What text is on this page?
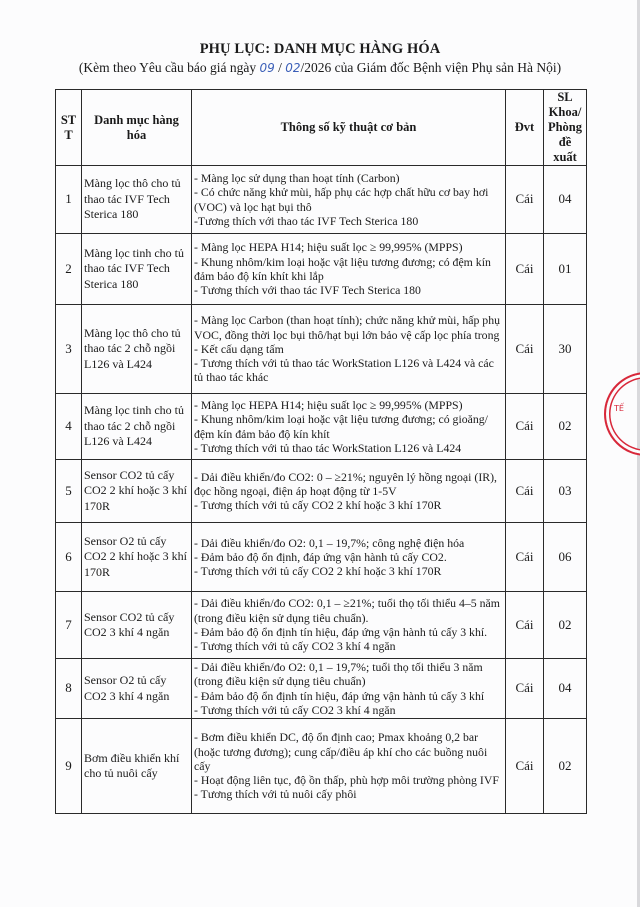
PHỤ LỤC: DANH MỤC HÀNG HÓA
(Kèm theo Yêu cầu báo giá ngày 09 / 02/2026 của Giám đốc Bệnh viện Phụ sản Hà Nội)
ST T	Danh mục hàng hóa	Thông số kỹ thuật cơ bản	Đvt	SL Khoa/ Phòng đề xuất
1	Màng lọc thô cho tủ thao tác IVF Tech Sterica 180	- Màng lọc sử dụng than hoạt tính (Carbon)
- Có chức năng khử mùi, hấp phụ các hợp chất hữu cơ bay hơi (VOC) và lọc hạt bụi thô
-Tương thích với thao tác IVF Tech Sterica 180	Cái	04
2	Màng lọc tinh cho tủ thao tác IVF Tech Sterica 180	- Màng lọc HEPA H14; hiệu suất lọc ≥ 99,995% (MPPS)
- Khung nhôm/kim loại hoặc vật liệu tương đương; có đệm kín đảm bảo độ kín khít khi lắp
- Tương thích với thao tác IVF Tech Sterica 180	Cái	01
3	Màng lọc thô cho tủ thao tác 2 chỗ ngồi L126 và L424	- Màng lọc Carbon (than hoạt tính); chức năng khử mùi, hấp phụ VOC, đồng thời lọc bụi thô/hạt bụi lớn bảo vệ cấp lọc phía trong
- Kết cấu dạng tấm
- Tương thích với tủ thao tác WorkStation L126 và L424 và các tủ thao tác khác	Cái	30
4	Màng lọc tinh cho tủ thao tác 2 chỗ ngồi L126 và L424	- Màng lọc HEPA H14; hiệu suất lọc ≥ 99,995% (MPPS)
- Khung nhôm/kim loại hoặc vật liệu tương đương; có gioăng/đệm kín đảm bảo độ kín khít
- Tương thích với tủ thao tác WorkStation L126 và L424	Cái	02
5	Sensor CO2 tủ cấy CO2 2 khí hoặc 3 khí 170R	- Dải điều khiển/đo CO2: 0 – ≥21%; nguyên lý hồng ngoại (IR), đọc hồng ngoại, điện áp hoạt động từ 1-5V
- Tương thích với tủ cấy CO2 2 khí hoặc 3 khí 170R	Cái	03
6	Sensor O2 tủ cấy CO2 2 khí hoặc 3 khí 170R	- Dải điều khiển/đo O2: 0,1 – 19,7%; công nghệ điện hóa
- Đảm bảo độ ổn định, đáp ứng vận hành tủ cấy CO2.
- Tương thích với tủ cấy CO2 2 khí hoặc 3 khí 170R	Cái	06
7	Sensor CO2 tủ cấy CO2 3 khí 4 ngăn	- Dải điều khiển/đo CO2: 0,1 – ≥21%; tuổi thọ tối thiểu 4–5 năm (trong điều kiện sử dụng tiêu chuẩn).
- Đảm bảo độ ổn định tín hiệu, đáp ứng vận hành tủ cấy 3 khí.
- Tương thích với tủ cấy CO2 3 khí 4 ngăn	Cái	02
8	Sensor O2 tủ cấy CO2 3 khí 4 ngăn	- Dải điều khiển/đo O2: 0,1 – 19,7%; tuổi thọ tối thiểu 3 năm (trong điều kiện sử dụng tiêu chuẩn)
- Đảm bảo độ ổn định tín hiệu, đáp ứng vận hành tủ cấy 3 khí
- Tương thích với tủ cấy CO2 3 khí 4 ngăn	Cái	04
9	Bơm điều khiển khí cho tủ nuôi cấy	- Bơm điều khiển DC, độ ổn định cao; Pmax khoảng 0,2 bar (hoặc tương đương); cung cấp/điều áp khí cho các buồng nuôi cấy
- Hoạt động liên tục, độ ồn thấp, phù hợp môi trường phòng IVF
- Tương thích với tủ nuôi cấy phôi	Cái	02
TẾ
